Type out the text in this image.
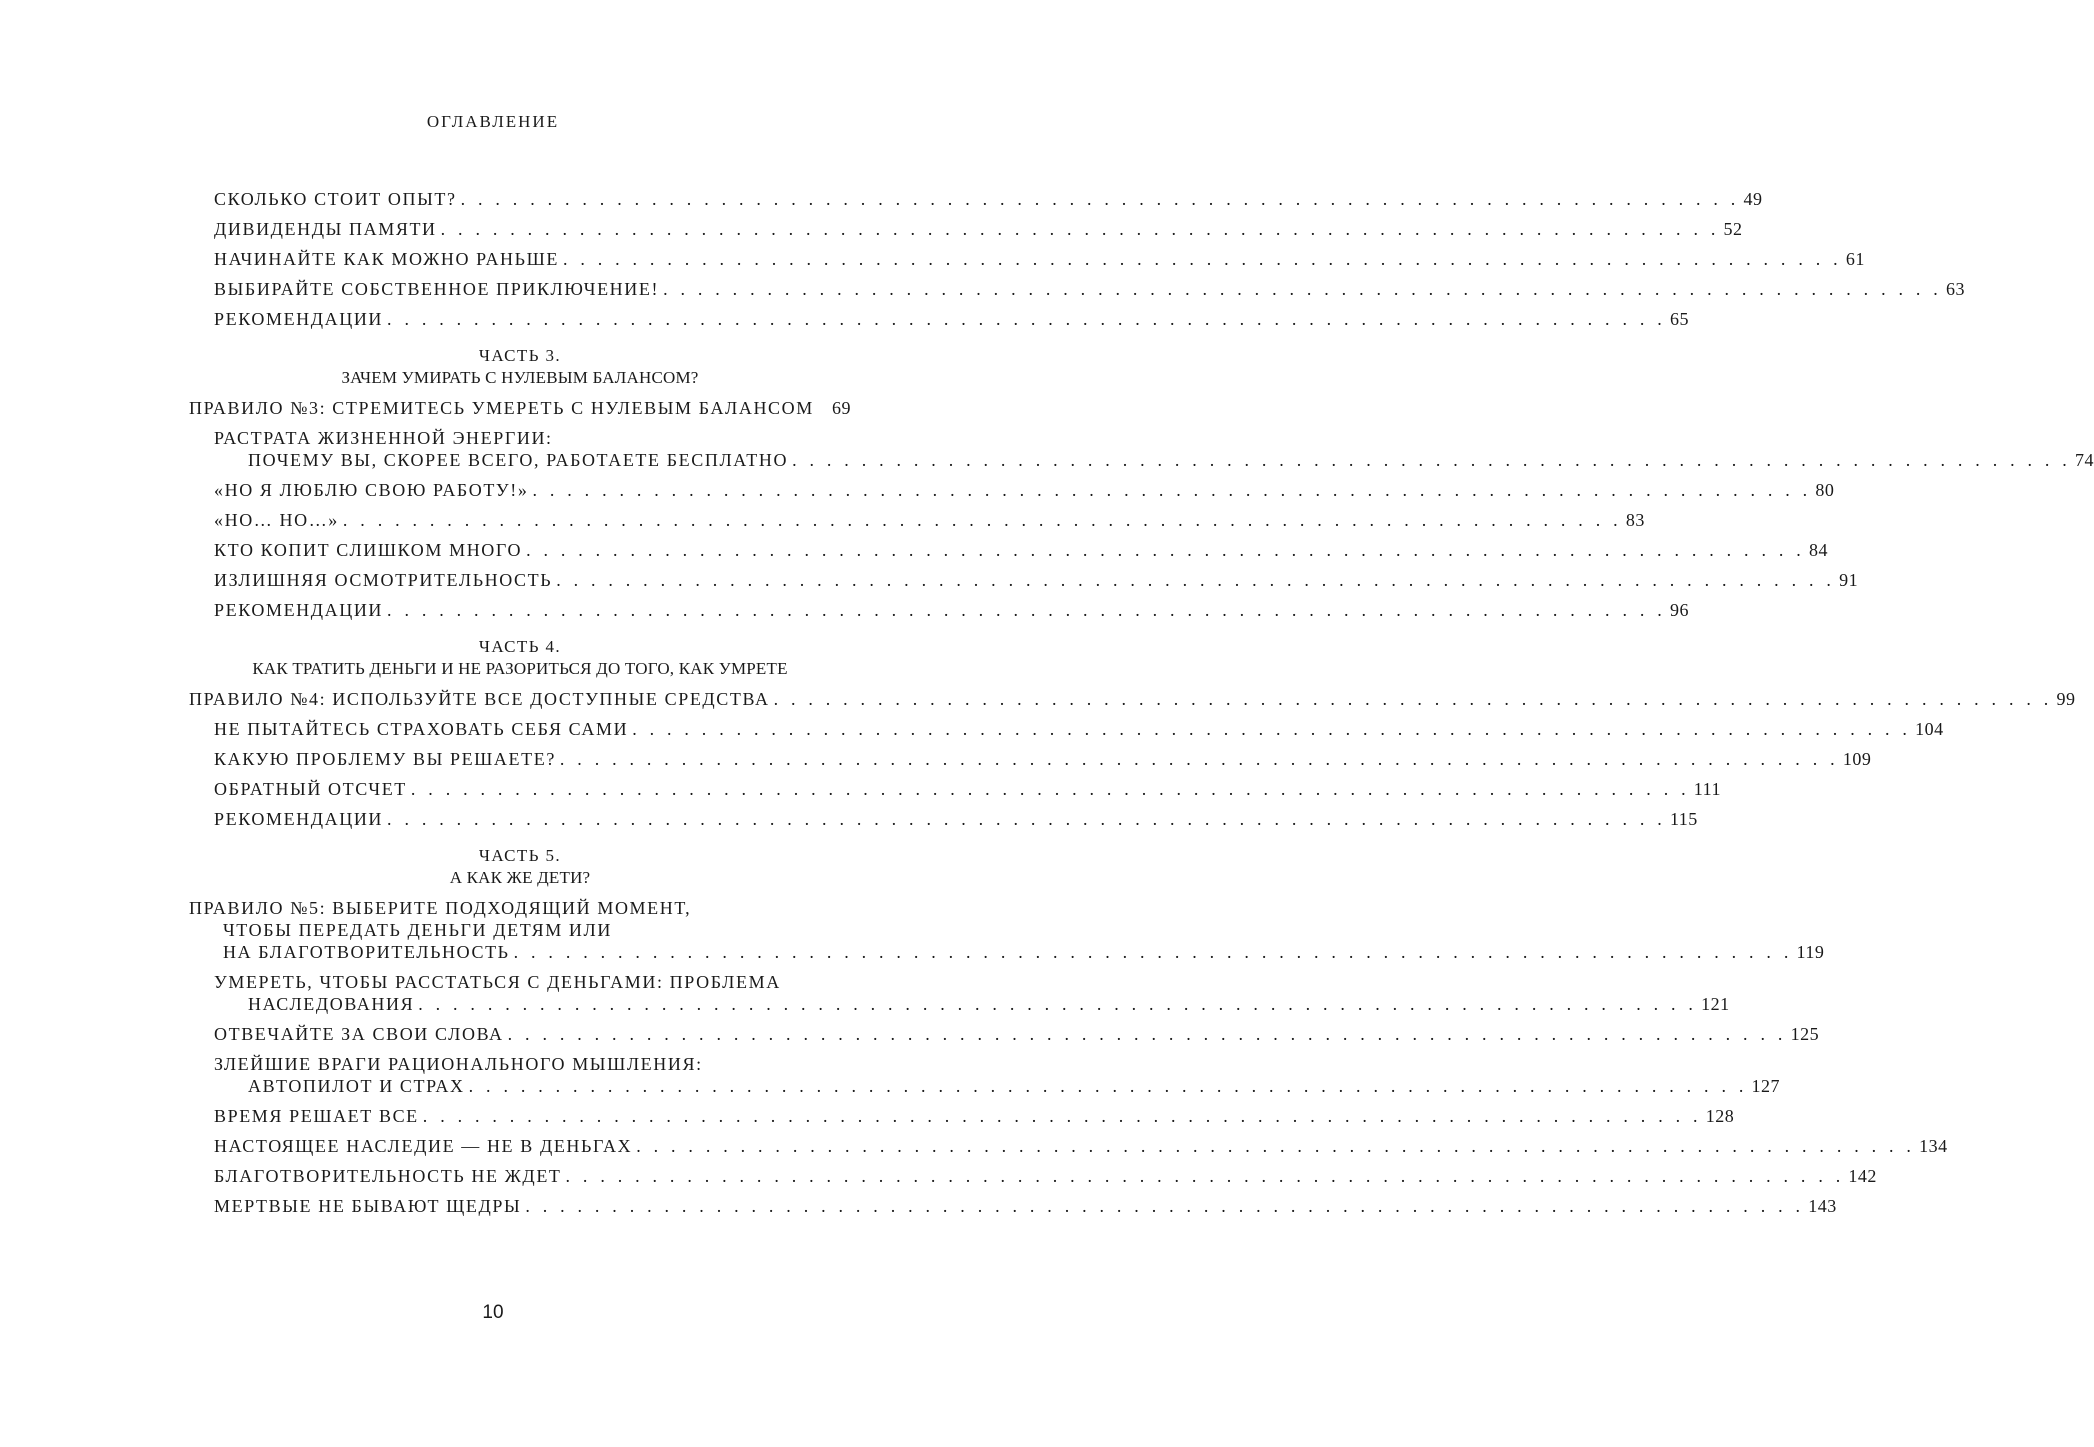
ОГЛАВЛЕНИЕ
СКОЛЬКО СТОИТ ОПЫТ? . . . . . . . . . . . . . . . . . . . . . . . . . . . . . . . . . . . . . . . . . . . . . . . . . . . . . . . . . . . . . . . . . . . . . . . . . . 49
ДИВИДЕНДЫ ПАМЯТИ . . . . . . . . . . . . . . . . . . . . . . . . . . . . . . . . . . . . . . . . . . . . . . . . . . . . . . . . . . . . . . . . . . . . . . . . . . 52
НАЧИНАЙТЕ КАК МОЖНО РАНЬШЕ . . . . . . . . . . . . . . . . . . . . . . . . . . . . . . . . . . . . . . . . . . . . . . . . . . . . . . . . . . . . . . . . . . . . . . . . . . 61
ВЫБИРАЙТЕ СОБСТВЕННОЕ ПРИКЛЮЧЕНИЕ! . . . . . . . . . . . . . . . . . . . . . . . . . . . . . . . . . . . . . . . . . . . . . . . . . . . . . . . . . . . . . . . . . . . . . . . . . . 63
РЕКОМЕНДАЦИИ . . . . . . . . . . . . . . . . . . . . . . . . . . . . . . . . . . . . . . . . . . . . . . . . . . . . . . . . . . . . . . . . . . . . . . . . . . 65
ЧАСТЬ 3.
ЗАЧЕМ УМИРАТЬ С НУЛЕВЫМ БАЛАНСОМ?
ПРАВИЛО №3: СТРЕМИТЕСЬ УМЕРЕТЬ С НУЛЕВЫМ БАЛАНСОМ 69
РАСТРАТА ЖИЗНЕННОЙ ЭНЕРГИИ:
ПОЧЕМУ ВЫ, СКОРЕЕ ВСЕГО, РАБОТАЕТЕ БЕСПЛАТНО . . . . . . . . . . . . . . . . . . . . . . . . . . . . . . . . . . . . . . . . . . . . . . . . . . . . . . . . . . . . . . . . . . . . . . . . . . 74
«НО Я ЛЮБЛЮ СВОЮ РАБОТУ!» . . . . . . . . . . . . . . . . . . . . . . . . . . . . . . . . . . . . . . . . . . . . . . . . . . . . . . . . . . . . . . . . . . . . . . . . . . 80
«НО… НО…» . . . . . . . . . . . . . . . . . . . . . . . . . . . . . . . . . . . . . . . . . . . . . . . . . . . . . . . . . . . . . . . . . . . . . . . . . . 83
КТО КОПИТ СЛИШКОМ МНОГО . . . . . . . . . . . . . . . . . . . . . . . . . . . . . . . . . . . . . . . . . . . . . . . . . . . . . . . . . . . . . . . . . . . . . . . . . . 84
ИЗЛИШНЯЯ ОСМОТРИТЕЛЬНОСТЬ . . . . . . . . . . . . . . . . . . . . . . . . . . . . . . . . . . . . . . . . . . . . . . . . . . . . . . . . . . . . . . . . . . . . . . . . . . 91
РЕКОМЕНДАЦИИ . . . . . . . . . . . . . . . . . . . . . . . . . . . . . . . . . . . . . . . . . . . . . . . . . . . . . . . . . . . . . . . . . . . . . . . . . . 96
ЧАСТЬ 4.
КАК ТРАТИТЬ ДЕНЬГИ И НЕ РАЗОРИТЬСЯ ДО ТОГО, КАК УМРЕТЕ
ПРАВИЛО №4: ИСПОЛЬЗУЙТЕ ВСЕ ДОСТУПНЫЕ СРЕДСТВА . . . . . . . . . . . . . . . . . . . . . . . . . . . . . . . . . . . . . . . . . . . . . . . . . . . . . . . . . . . . . . . . . . . . . . . . . . 99
НЕ ПЫТАЙТЕСЬ СТРАХОВАТЬ СЕБЯ САМИ . . . . . . . . . . . . . . . . . . . . . . . . . . . . . . . . . . . . . . . . . . . . . . . . . . . . . . . . . . . . . . . . . . . . . . . . . . 104
КАКУЮ ПРОБЛЕМУ ВЫ РЕШАЕТЕ? . . . . . . . . . . . . . . . . . . . . . . . . . . . . . . . . . . . . . . . . . . . . . . . . . . . . . . . . . . . . . . . . . . . . . . . . . . 109
ОБРАТНЫЙ ОТСЧЕТ . . . . . . . . . . . . . . . . . . . . . . . . . . . . . . . . . . . . . . . . . . . . . . . . . . . . . . . . . . . . . . . . . . . . . . . . . . 111
РЕКОМЕНДАЦИИ . . . . . . . . . . . . . . . . . . . . . . . . . . . . . . . . . . . . . . . . . . . . . . . . . . . . . . . . . . . . . . . . . . . . . . . . . . 115
ЧАСТЬ 5.
А КАК ЖЕ ДЕТИ?
ПРАВИЛО №5: ВЫБЕРИТЕ ПОДХОДЯЩИЙ МОМЕНТ,
ЧТОБЫ ПЕРЕДАТЬ ДЕНЬГИ ДЕТЯМ ИЛИ
НА БЛАГОТВОРИТЕЛЬНОСТЬ . . . . . . . . . . . . . . . . . . . . . . . . . . . . . . . . . . . . . . . . . . . . . . . . . . . . . . . . . . . . . . . . . . . . . . . . . . 119
УМЕРЕТЬ, ЧТОБЫ РАССТАТЬСЯ С ДЕНЬГАМИ: ПРОБЛЕМА
НАСЛЕДОВАНИЯ . . . . . . . . . . . . . . . . . . . . . . . . . . . . . . . . . . . . . . . . . . . . . . . . . . . . . . . . . . . . . . . . . . . . . . . . . . 121
ОТВЕЧАЙТЕ ЗА СВОИ СЛОВА . . . . . . . . . . . . . . . . . . . . . . . . . . . . . . . . . . . . . . . . . . . . . . . . . . . . . . . . . . . . . . . . . . . . . . . . . . 125
ЗЛЕЙШИЕ ВРАГИ РАЦИОНАЛЬНОГО МЫШЛЕНИЯ:
АВТОПИЛОТ И СТРАХ . . . . . . . . . . . . . . . . . . . . . . . . . . . . . . . . . . . . . . . . . . . . . . . . . . . . . . . . . . . . . . . . . . . . . . . . . . 127
ВРЕМЯ РЕШАЕТ ВСЕ . . . . . . . . . . . . . . . . . . . . . . . . . . . . . . . . . . . . . . . . . . . . . . . . . . . . . . . . . . . . . . . . . . . . . . . . . . 128
НАСТОЯЩЕЕ НАСЛЕДИЕ — НЕ В ДЕНЬГАХ . . . . . . . . . . . . . . . . . . . . . . . . . . . . . . . . . . . . . . . . . . . . . . . . . . . . . . . . . . . . . . . . . . . . . . . . . . 134
БЛАГОТВОРИТЕЛЬНОСТЬ НЕ ЖДЕТ . . . . . . . . . . . . . . . . . . . . . . . . . . . . . . . . . . . . . . . . . . . . . . . . . . . . . . . . . . . . . . . . . . . . . . . . . . 142
МЕРТВЫЕ НЕ БЫВАЮТ ЩЕДРЫ . . . . . . . . . . . . . . . . . . . . . . . . . . . . . . . . . . . . . . . . . . . . . . . . . . . . . . . . . . . . . . . . . . . . . . . . . . 143
10
